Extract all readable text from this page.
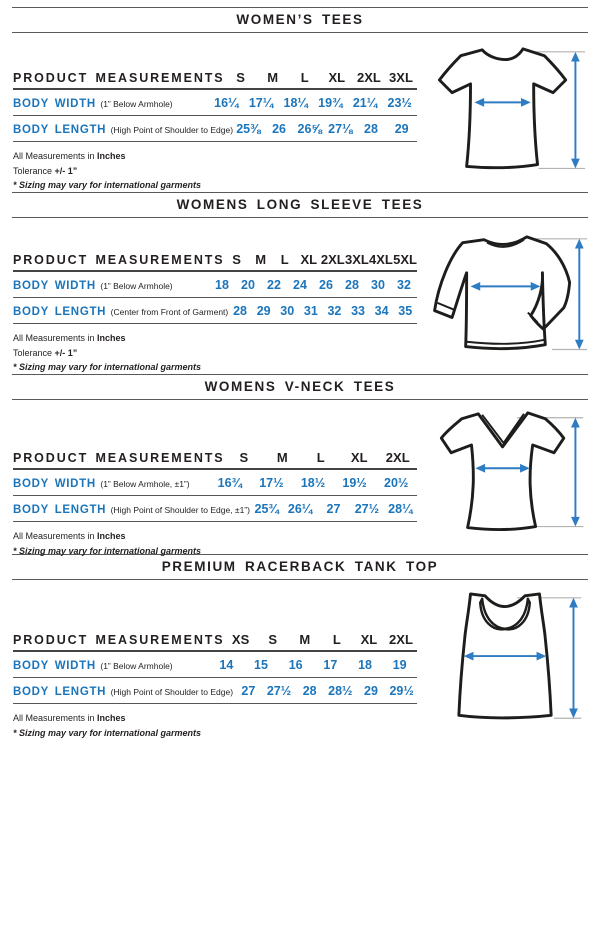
WOMEN’S TEES
PRODUCT MEASUREMENTS S	M	L	XL 2XL 3XL
BODY WIDTH (1” Below Armhole)	16¼ 17¼ 18¼ 19¾ 21¼ 23½
BODY LENGTH (High Point of Shoulder to Edge) 25⅜ 26 26⅝ 27⅛ 28	29
All Measurements in Inches
Tolerance +/- 1”
* Sizing may vary for international garments
WOMENS LONG SLEEVE TEES
PRODUCT MEASUREMENTS S	M	L XL 2XL 3XL 4XL 5XL
BODY WIDTH (1” Below Armhole)	18 20 22 24 26 28 30 32
BODY LENGTH (Center from Front of Garment) 28 29 30 31 32 33 34 35
All Measurements in Inches
Tolerance +/- 1”
* Sizing may vary for international garments
WOMENS V-NECK TEES
PRODUCT MEASUREMENTS	S	M	L	XL	2XL
BODY WIDTH (1” Below Armhole, ±1”)	16¾	17½	18½	19½	20½
BODY LENGTH (High Point of Shoulder to Edge, ±1”) 25¾ 26¼	27	27½ 28¼
All Measurements in Inches
* Sizing may vary for international garments
PREMIUM RACERBACK TANK TOP
PRODUCT MEASUREMENTS XS	S	M	L	XL 2XL
BODY WIDTH (1” Below Armhole)	14	15	16	17	18	19
BODY LENGTH (High Point of Shoulder to Edge) 27 27½ 28 28½ 29 29½
All Measurements in Inches
* Sizing may vary for international garments
